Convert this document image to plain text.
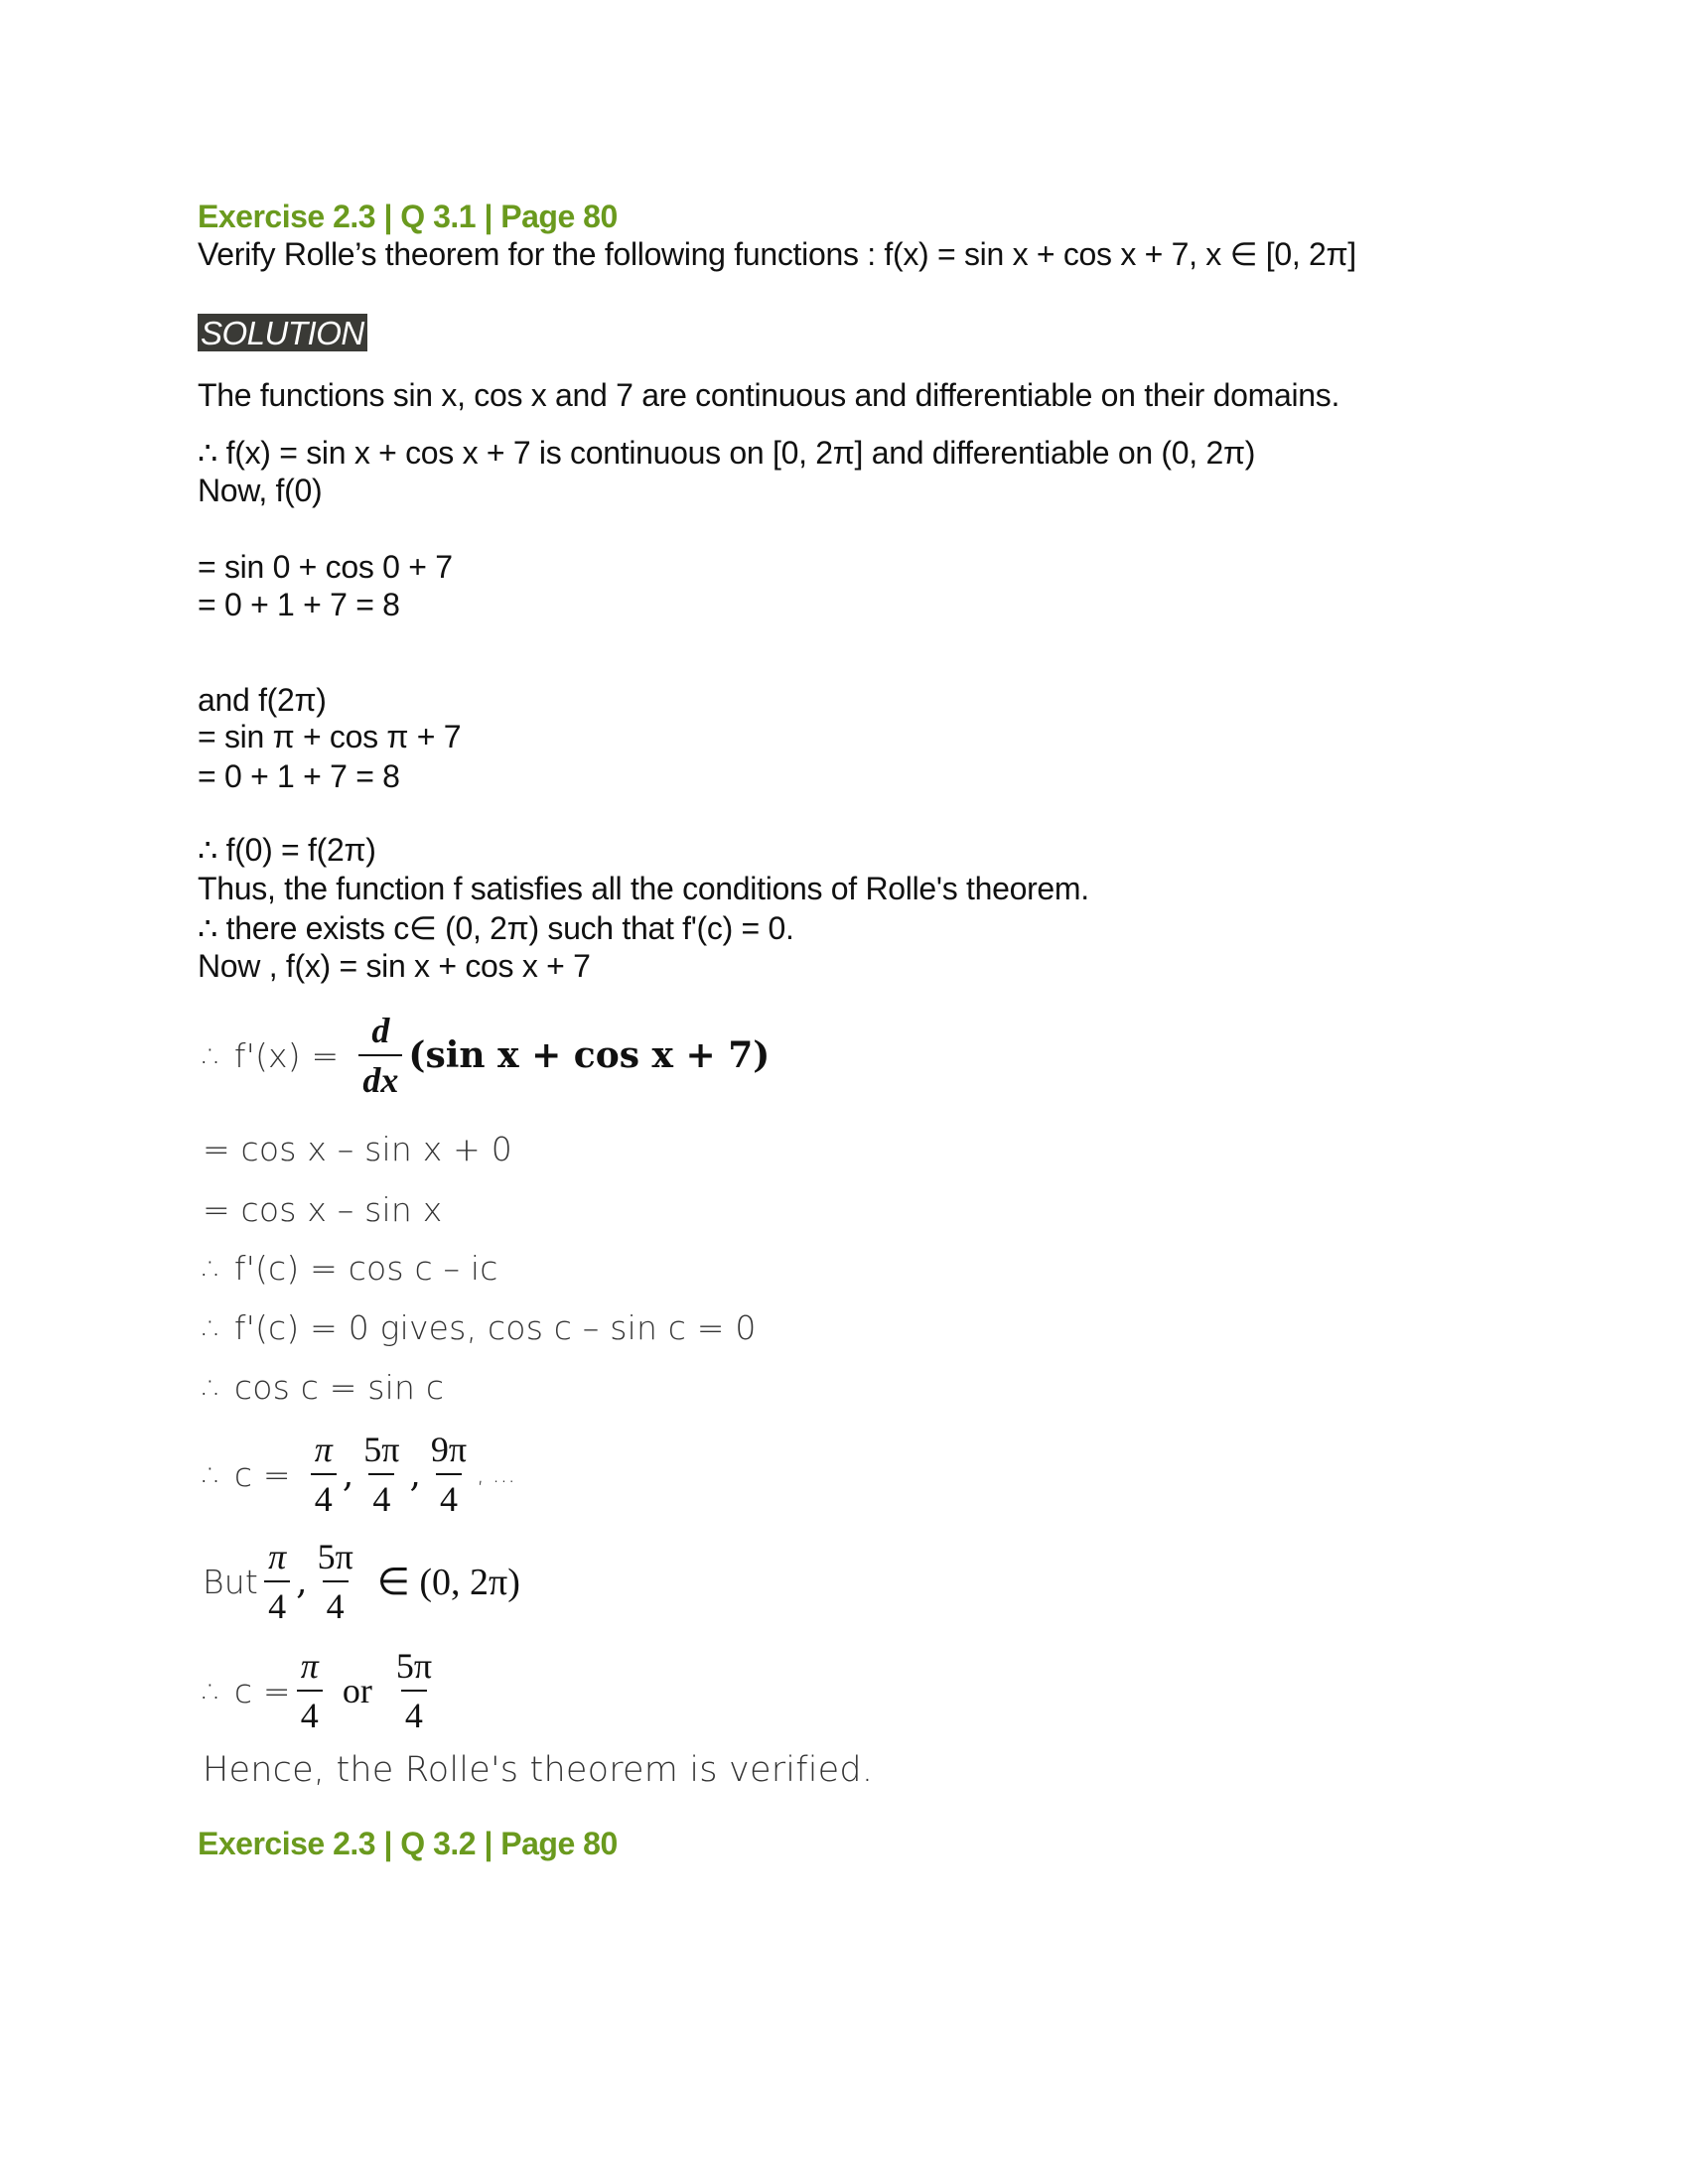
Exercise 2.3 | Q 3.1 | Page 80
Verify Rolle’s theorem for the following functions : f(x) = sin x + cos x + 7, x ∈ [0, 2π]
SOLUTION
The functions sin x, cos x and 7 are continuous and differentiable on their domains.
∴ f(x) = sin x + cos x + 7 is continuous on [0, 2π] and differentiable on (0, 2π)
Now, f(0)
= sin 0 + cos 0 + 7
= 0 + 1 + 7 = 8
and f(2π)
= sin π + cos π + 7
= 0 + 1 + 7 = 8
∴ f(0) = f(2π)
Thus, the function f satisfies all the conditions of Rolle's theorem.
∴ there exists c∈ (0, 2π) such that f'(c) = 0.
Now , f(x) = sin x + cos x + 7
∴ $f'(x) = \frac{d}{dx} (\sin$ x + cos x + 7)
= cos x – sin x + 0
= cos x – sin x
∴ f'(c) = cos c – ic
∴ f'(c) = 0 gives, cos c – sin c = 0
∴ cos c = sin c
∴ $c = \frac{\pi}{4}$ , $\frac{5\pi}{4}$ , $\frac{9\pi}{4}$ , ...
But $\frac{\pi}{4}$ , $\frac{5\pi}{4}$ ∈ (0, 2π)
∴ $c = \frac{\pi}{4}$ or $\frac{5\pi}{4}$
Hence, the Rolle's theorem is verified.
Exercise 2.3 | Q 3.2 | Page 80
